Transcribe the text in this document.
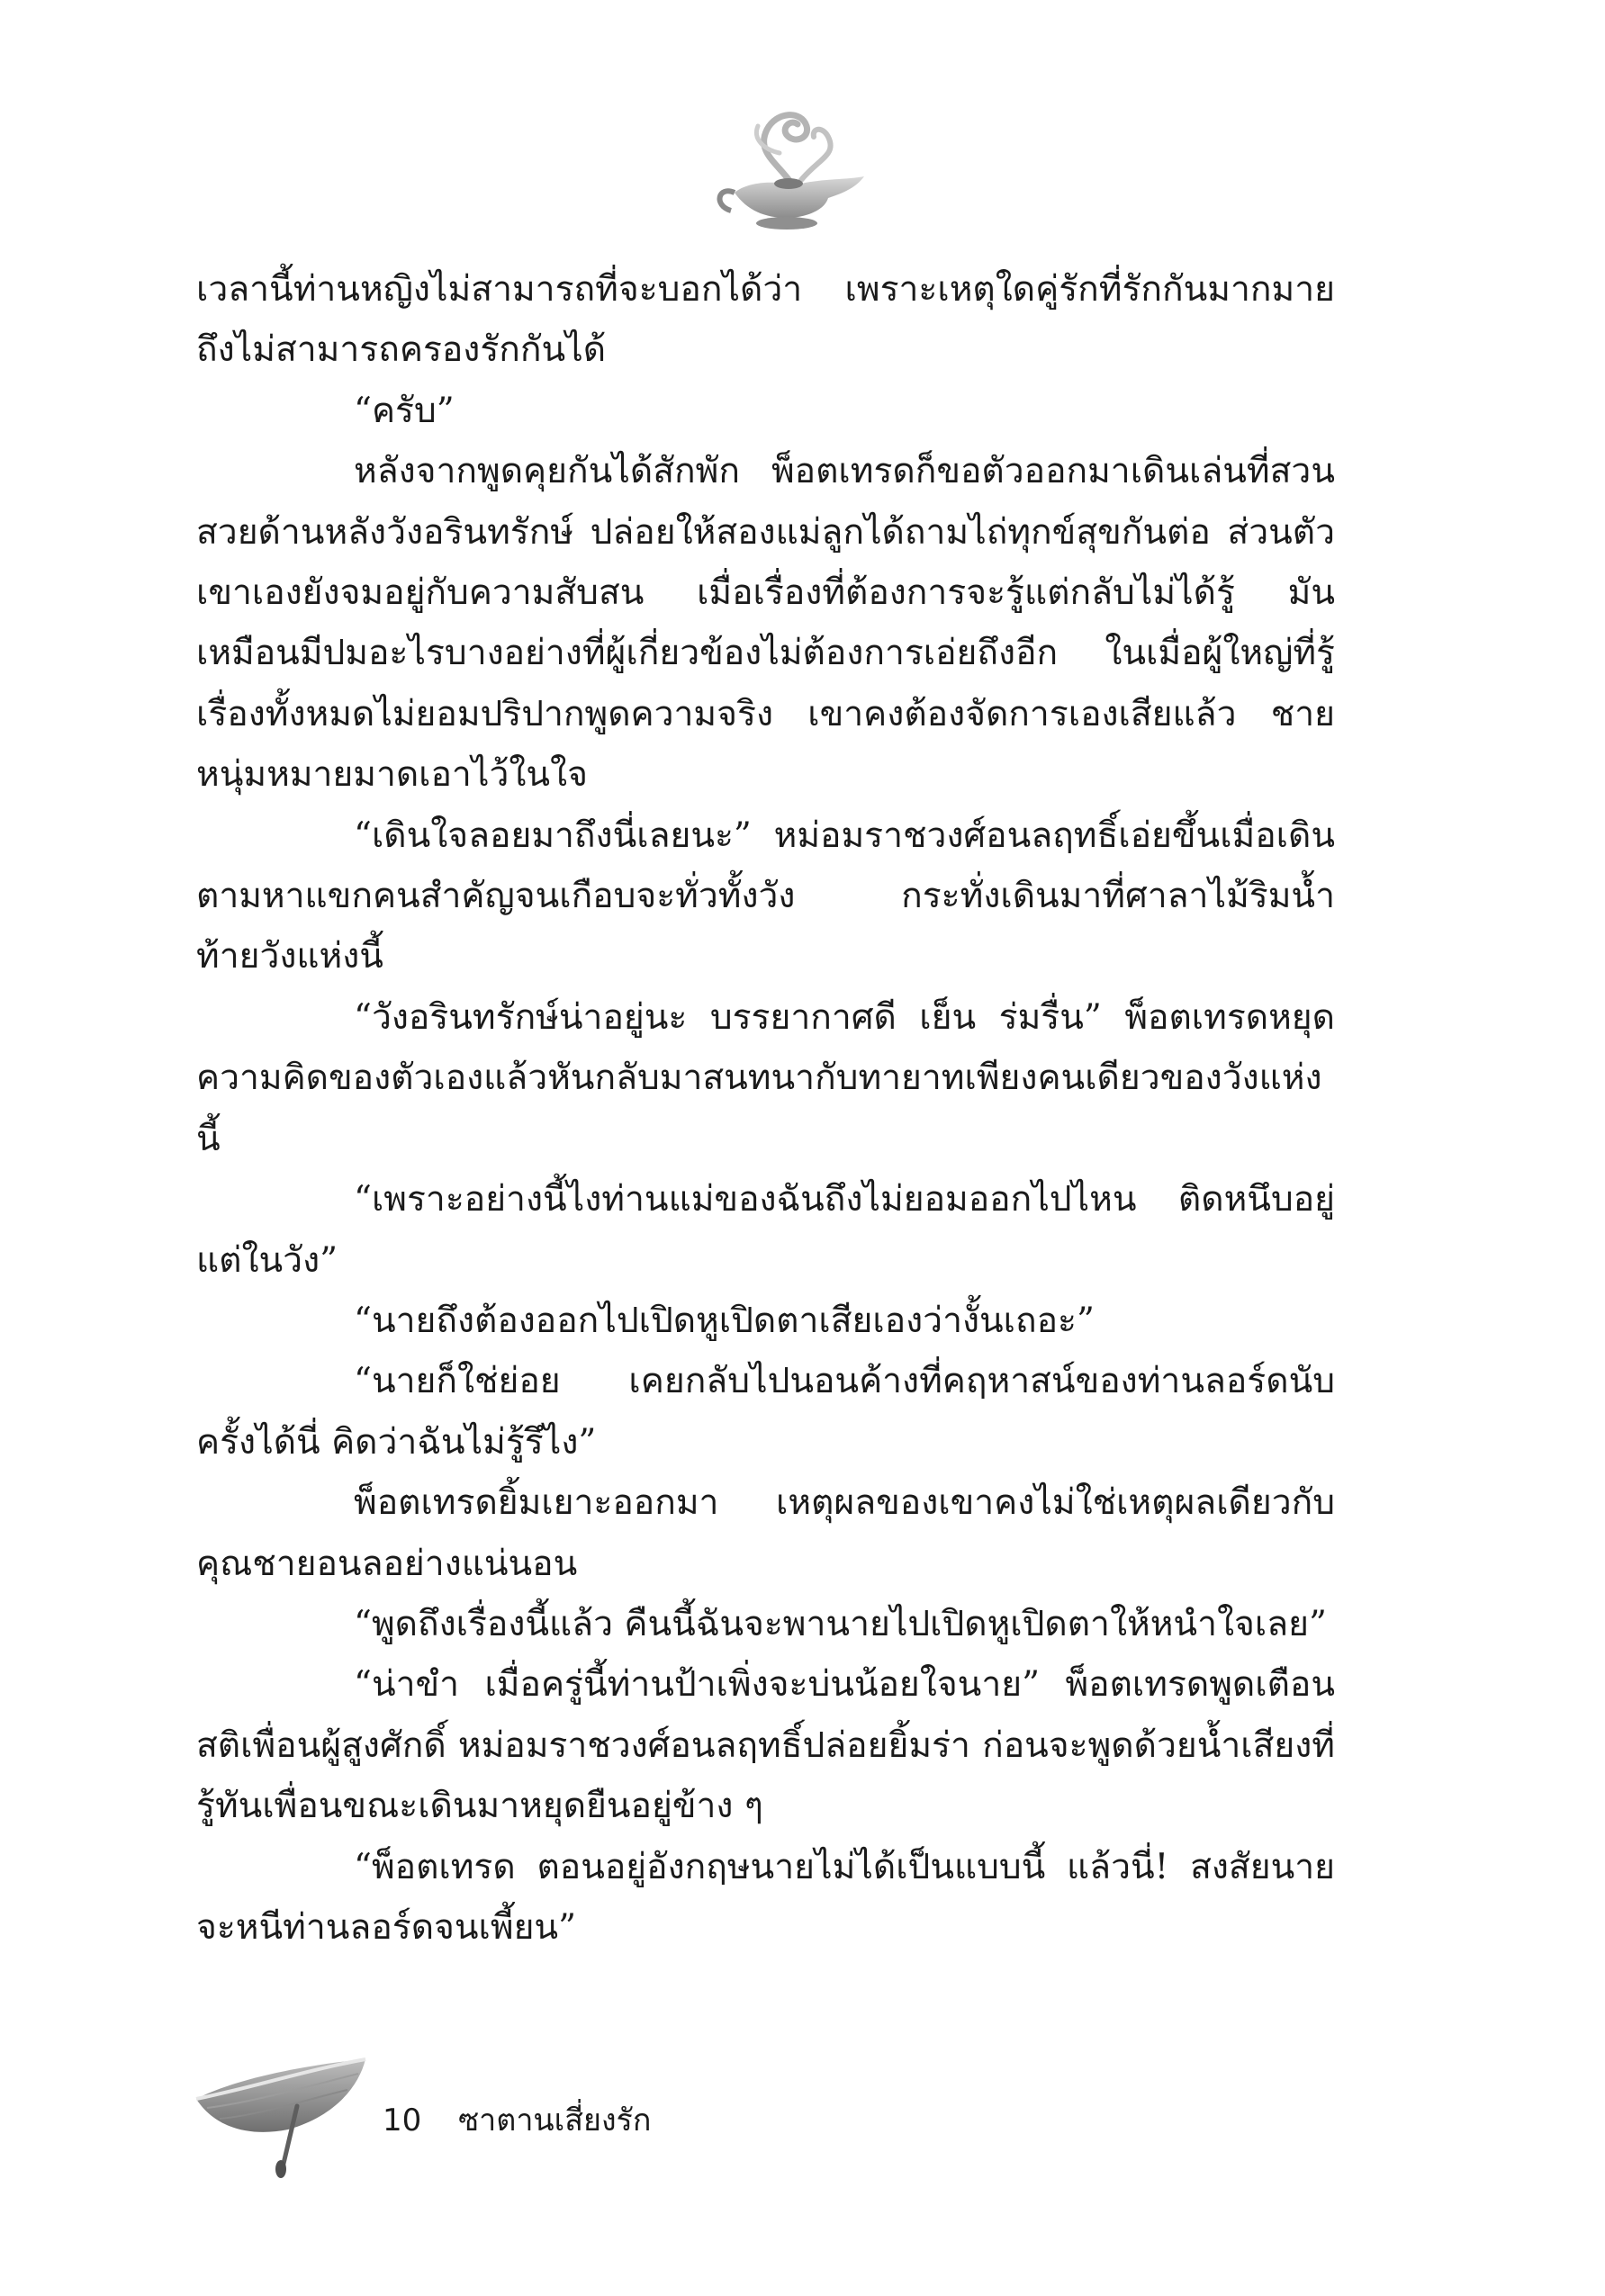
เวลานี้ท่านหญิงไม่สามารถที่จะบอกได้ว่า เพราะเหตุใดคู่รักที่รักกันมากมาย ถึงไม่สามารถครองรักกันได้

“ครับ”

หลังจากพูดคุยกันได้สักพัก พ็อตเทรดก็ขอตัวออกมาเดินเล่นที่สวนสวยด้านหลังวังอรินทรักษ์ ปล่อยให้สองแม่ลูกได้ถามไถ่ทุกข์สุขกันต่อ ส่วนตัวเขาเองยังจมอยู่กับความสับสน เมื่อเรื่องที่ต้องการจะรู้แต่กลับไม่ได้รู้ มันเหมือนมีปมอะไรบางอย่างที่ผู้เกี่ยวข้องไม่ต้องการเอ่ยถึงอีก ในเมื่อผู้ใหญ่ที่รู้เรื่องทั้งหมดไม่ยอมปริปากพูดความจริง เขาคงต้องจัดการเองเสียแล้ว ชายหนุ่มหมายมาดเอาไว้ในใจ

“เดินใจลอยมาถึงนี่เลยนะ” หม่อมราชวงศ์อนลฤทธิ์เอ่ยขึ้นเมื่อเดินตามหาแขกคนสำคัญจนเกือบจะทั่วทั้งวัง กระทั่งเดินมาที่ศาลาไม้ริมน้ำท้ายวังแห่งนี้

“วังอรินทรักษ์น่าอยู่นะ บรรยากาศดี เย็น ร่มรื่น” พ็อตเทรดหยุดความคิดของตัวเองแล้วหันกลับมาสนทนากับทายาทเพียงคนเดียวของวังแห่งนี้

“เพราะอย่างนี้ไงท่านแม่ของฉันถึงไม่ยอมออกไปไหน ติดหนึบอยู่แต่ในวัง”

“นายถึงต้องออกไปเปิดหูเปิดตาเสียเองว่างั้นเถอะ”

“นายก็ใช่ย่อย เคยกลับไปนอนค้างที่คฤหาสน์ของท่านลอร์ดนับครั้งได้นี่ คิดว่าฉันไม่รู้รึไง”

พ็อตเทรดยิ้มเยาะออกมา เหตุผลของเขาคงไม่ใช่เหตุผลเดียวกับคุณชายอนลอย่างแน่นอน

“พูดถึงเรื่องนี้แล้ว คืนนี้ฉันจะพานายไปเปิดหูเปิดตาให้หนำใจเลย”

“น่าขำ เมื่อครู่นี้ท่านป้าเพิ่งจะบ่นน้อยใจนาย” พ็อตเทรดพูดเตือนสติเพื่อนผู้สูงศักดิ์ หม่อมราชวงศ์อนลฤทธิ์ปล่อยยิ้มร่า ก่อนจะพูดด้วยน้ำเสียงที่รู้ทันเพื่อนขณะเดินมาหยุดยืนอยู่ข้าง ๆ

“พ็อตเทรด ตอนอยู่อังกฤษนายไม่ได้เป็นแบบนี้ แล้วนี่! สงสัยนายจะหนีท่านลอร์ดจนเพี้ยน”

10 ซาตานเสี่ยงรัก
